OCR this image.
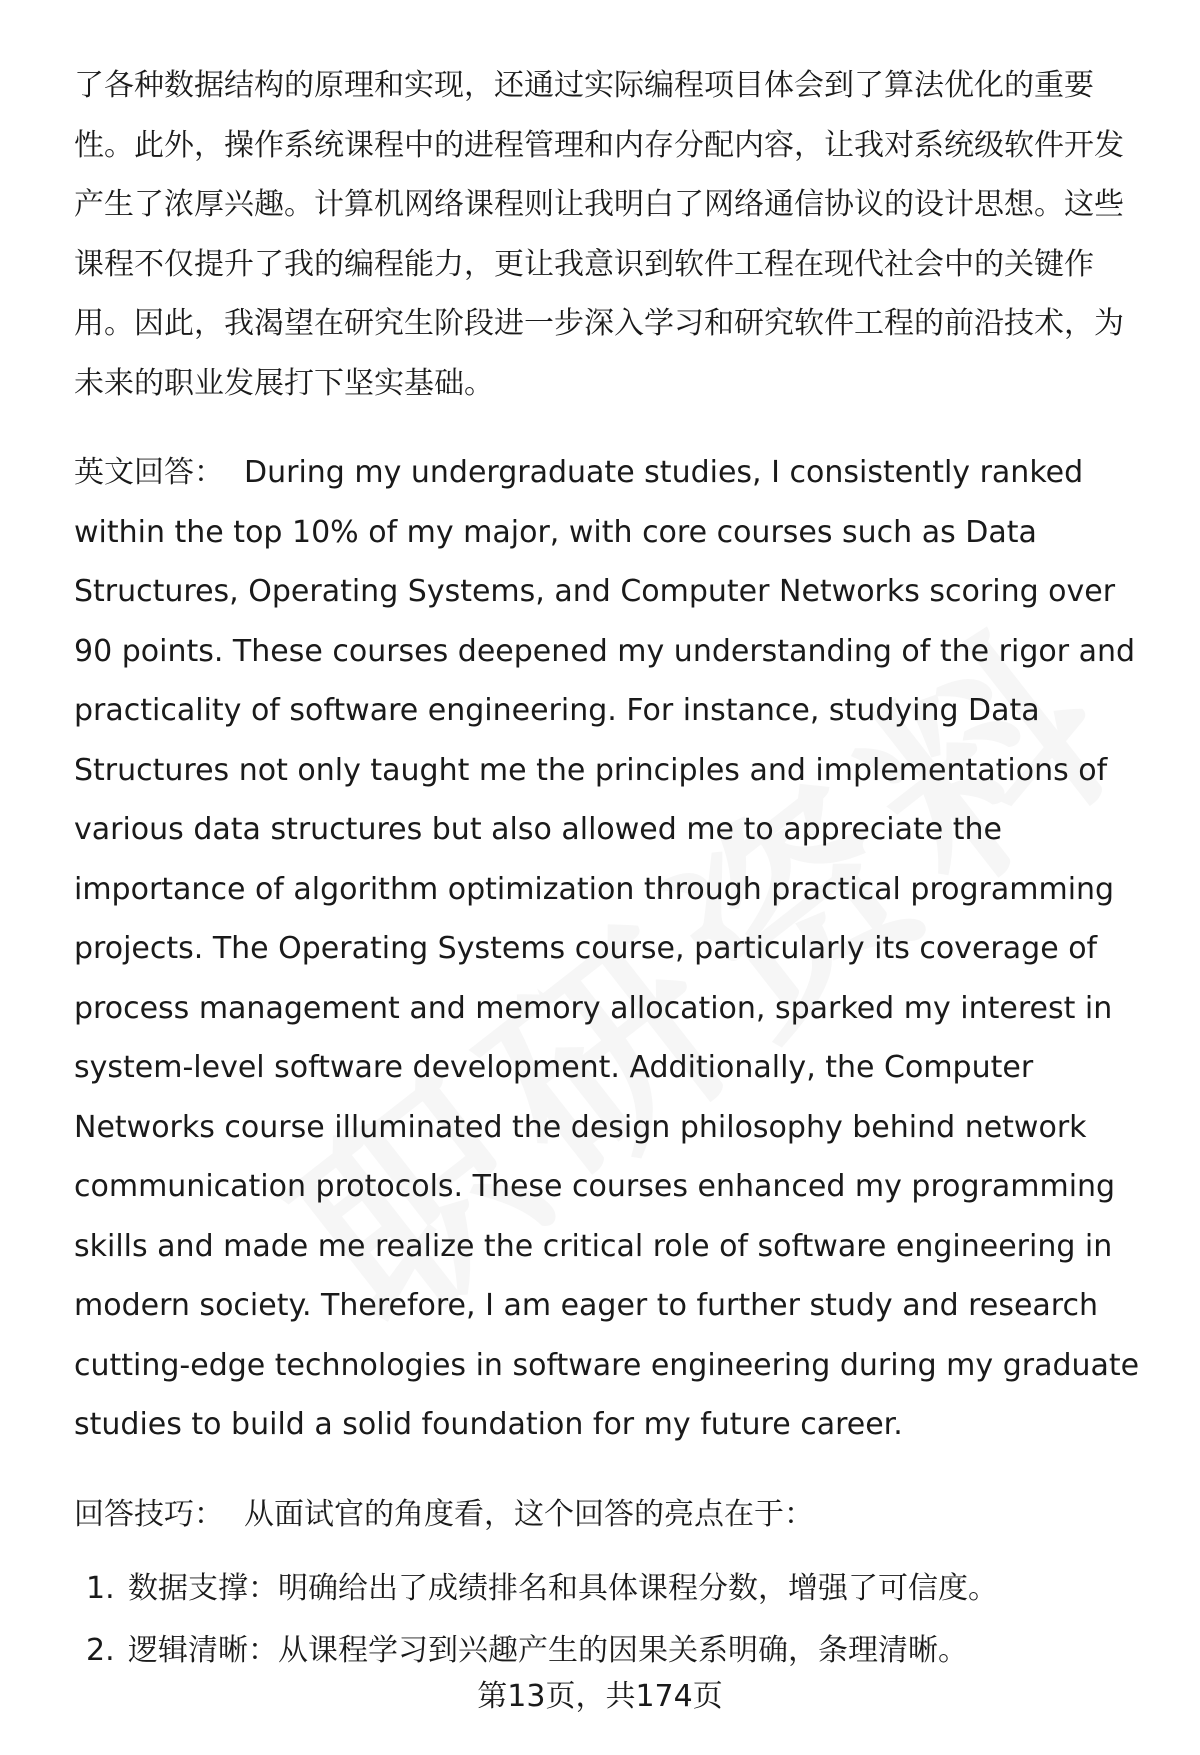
了各种数据结构的原理和实现，还通过实际编程项目体会到了算法优化的重要性。此外，操作系统课程中的进程管理和内存分配内容，让我对系统级软件开发产生了浓厚兴趣。计算机网络课程则让我明白了网络通信协议的设计思想。这些课程不仅提升了我的编程能力，更让我意识到软件工程在现代社会中的关键作用。因此，我渴望在研究生阶段进一步深入学习和研究软件工程的前沿技术，为未来的职业发展打下坚实基础。

英文回答： During my undergraduate studies, I consistently ranked within the top 10% of my major, with core courses such as Data Structures, Operating Systems, and Computer Networks scoring over 90 points. These courses deepened my understanding of the rigor and practicality of software engineering. For instance, studying Data Structures not only taught me the principles and implementations of various data structures but also allowed me to appreciate the importance of algorithm optimization through practical programming projects. The Operating Systems course, particularly its coverage of process management and memory allocation, sparked my interest in system-level software development. Additionally, the Computer Networks course illuminated the design philosophy behind network communication protocols. These courses enhanced my programming skills and made me realize the critical role of software engineering in modern society. Therefore, I am eager to further study and research cutting-edge technologies in software engineering during my graduate studies to build a solid foundation for my future career.

回答技巧： 从面试官的角度看，这个回答的亮点在于：

1. 数据支撑：明确给出了成绩排名和具体课程分数，增强了可信度。
2. 逻辑清晰：从课程学习到兴趣产生的因果关系明确，条理清晰。
第13页，共174页
